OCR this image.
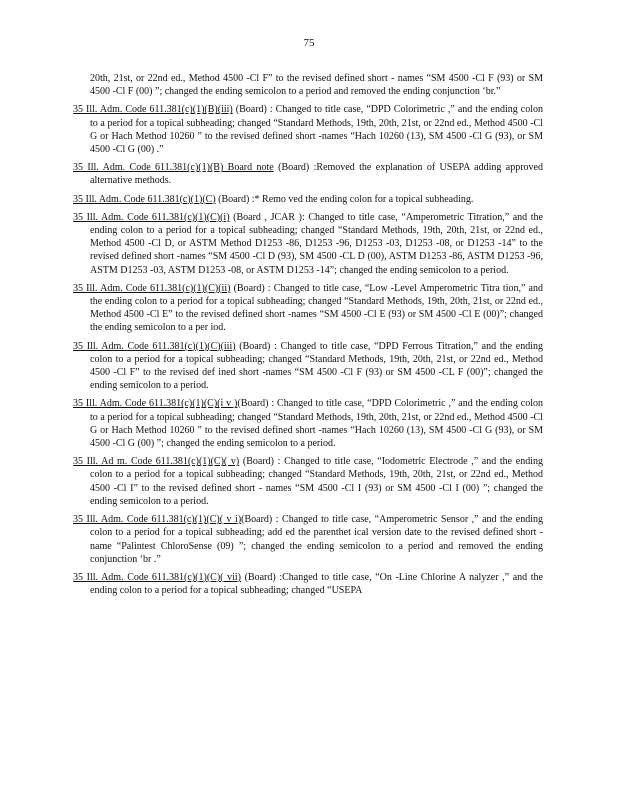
75

20th, 21st, or 22nd ed., Method 4500 -Cl F” to the revised defined short - names “SM 4500 -Cl F (93) or SM 4500 -Cl F (00) ”; changed the ending semicolon to a period and removed the ending conjunction ‘br.”

35 Ill. Adm. Code 611.381(c)(1)(B)(iii) (Board) : Changed to title case, “DPD Colorimetric ,” and the ending colon to a period for a topical subheading; changed “Standard Methods, 19th, 20th, 21st, or 22nd ed., Method 4500 -Cl G or Hach Method 10260 ” to the revised defined short -names “Hach 10260 (13), SM 4500 -Cl G (93), or SM 4500 -Cl G (00) .”

35 Ill. Adm. Code 611.381(c)(1)(B) Board note (Board) :Removed the explanation of USEPA adding approved alternative methods.

35 Ill. Adm. Code 611.381(c)(1)(C) (Board) :* Remo ved the ending colon for a topical subheading.

35 Ill. Adm. Code 611.381(c)(1)(C)(i) (Board , JCAR ): Changed to title case, “Amperometric Titration,” and the ending colon to a period for a topical subheading; changed “Standard Methods, 19th, 20th, 21st, or 22nd ed., Method 4500 -Cl D, or ASTM Method D1253 -86, D1253 -96, D1253 -03, D1253 -08, or D1253 -14” to the revised defined short -names “SM 4500 -Cl D (93), SM 4500 -CL D (00), ASTM D1253 -86, ASTM D1253 -96, ASTM D1253 -03, ASTM D1253 -08, or ASTM D1253 -14”; changed the ending semicolon to a period.

35 Ill. Adm. Code 611.381(c)(1)(C)(ii) (Board) : Changed to title case, “Low -Level Amperometric Titra tion,” and the ending colon to a period for a topical subheading; changed “Standard Methods, 19th, 20th, 21st, or 22nd ed., Method 4500 -Cl E” to the revised defined short -names “SM 4500 -Cl E (93) or SM 4500 -Cl E (00)”; changed the ending semicolon to a per iod.

35 Ill. Adm. Code 611.381(c)(1)(C)(iii) (Board) : Changed to title case, “DPD Ferrous Titration,” and the ending colon to a period for a topical subheading; changed “Standard Methods, 19th, 20th, 21st, or 22nd ed., Method 4500 -Cl F” to the revised def ined short -names “SM 4500 -Cl F (93) or SM 4500 -CL F (00)”; changed the ending semicolon to a period.

35 Ill. Adm. Code 611.381(c)(1)(C)(i v )(Board) : Changed to title case, “DPD Colorimetric ,” and the ending colon to a period for a topical subheading; changed “Standard Methods, 19th, 20th, 21st, or 22nd ed., Method 4500 -Cl G or Hach Method 10260 ” to the revised defined short -names “Hach 10260 (13), SM 4500 -Cl G (93), or SM 4500 -Cl G (00) ”; changed the ending semicolon to a period.

35 Ill. Ad m. Code 611.381(c)(1)(C)( v) (Board) : Changed to title case, “Iodometric Electrode ,” and the ending colon to a period for a topical subheading; changed “Standard Methods, 19th, 20th, 21st, or 22nd ed., Method 4500 -Cl I” to the revised defined short - names “SM 4500 -Cl I (93) or SM 4500 -Cl I (00) ”; changed the ending semicolon to a period.

35 Ill. Adm. Code 611.381(c)(1)(C)( v i)(Board) : Changed to title case, “Amperometric Sensor ,” and the ending colon to a period for a topical subheading; add ed the parenthet ical version date to the revised defined short - name “Palintest ChloroSense (09) ”; changed the ending semicolon to a period and removed the ending conjunction ‘br .”

35 Ill. Adm. Code 611.381(c)(1)(C)( vii) (Board) :Changed to title case, “On -Line Chlorine A nalyzer ,” and the ending colon to a period for a topical subheading; changed “USEPA
